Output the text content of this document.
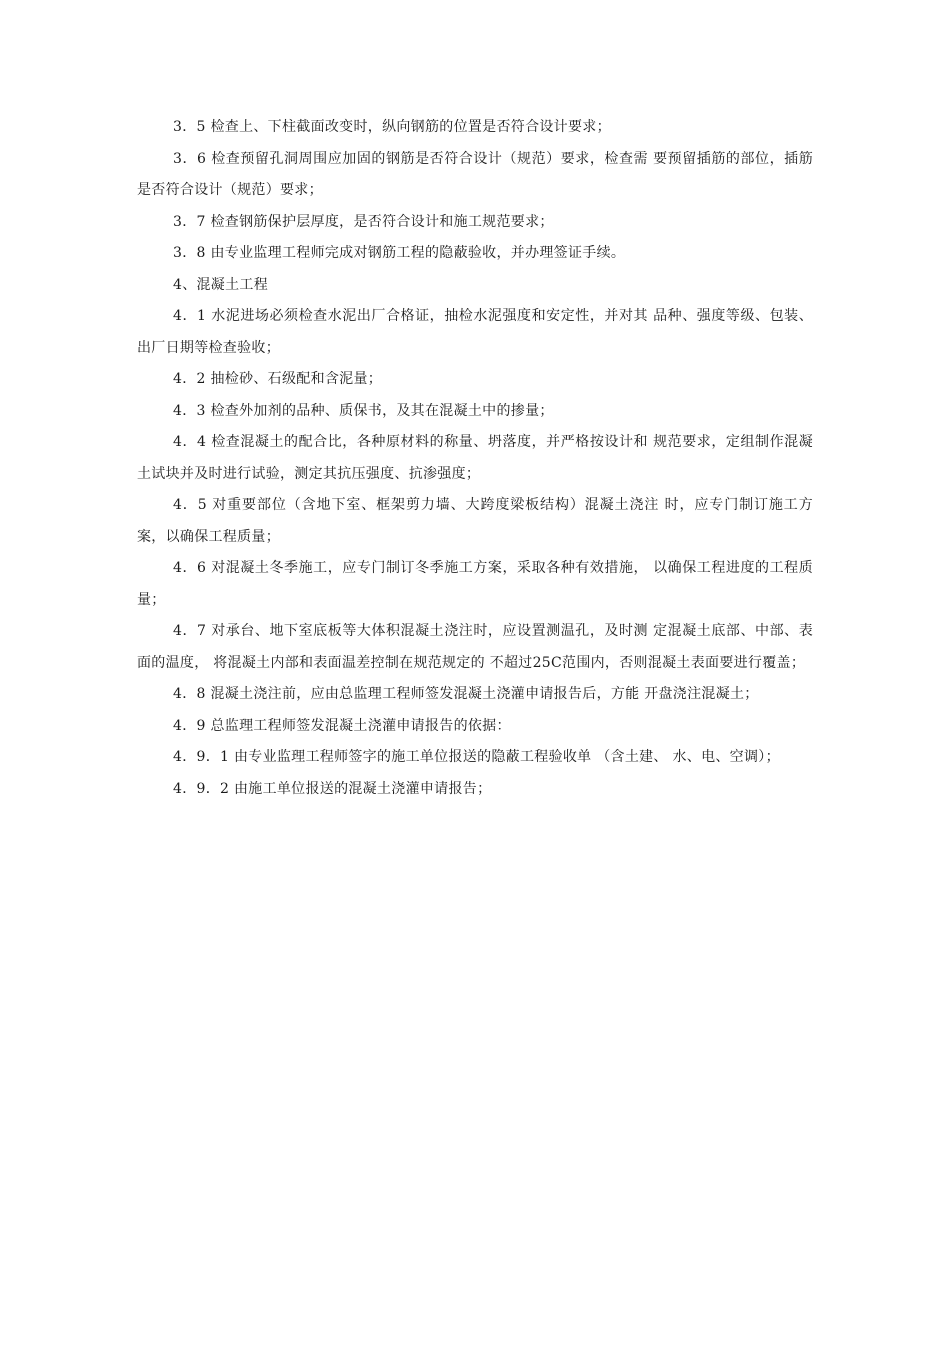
3．5 检查上、下柱截面改变时，纵向钢筋的位置是否符合设计要求；

3．6 检查预留孔洞周围应加固的钢筋是否符合设计（规范）要求，检查需 要预留插筋的部位，插筋是否符合设计（规范）要求；

3．7 检查钢筋保护层厚度，是否符合设计和施工规范要求；

3．8 由专业监理工程师完成对钢筋工程的隐蔽验收，并办理签证手续。

4、混凝土工程

4．1 水泥进场必须检查水泥出厂合格证，抽检水泥强度和安定性，并对其 品种、强度等级、包装、出厂日期等检查验收；

4．2 抽检砂、石级配和含泥量；

4．3 检查外加剂的品种、质保书，及其在混凝土中的掺量；

4．4 检查混凝土的配合比，各种原材料的称量、坍落度，并严格按设计和 规范要求，定组制作混凝土试块并及时进行试验，测定其抗压强度、抗渗强度；

4．5 对重要部位（含地下室、框架剪力墙、大跨度梁板结构）混凝土浇注 时，应专门制订施工方案，以确保工程质量；

4．6 对混凝土冬季施工，应专门制订冬季施工方案，采取各种有效措施， 以确保工程进度的工程质量；

4．7 对承台、地下室底板等大体积混凝土浇注时，应设置测温孔，及时测 定混凝土底部、中部、表面的温度， 将混凝土内部和表面温差控制在规范规定的 不超过25C范围内，否则混凝土表面要进行覆盖；

4．8 混凝土浇注前，应由总监理工程师签发混凝土浇灌申请报告后，方能 开盘浇注混凝土；

4．9 总监理工程师签发混凝土浇灌申请报告的依据：

4．9．1 由专业监理工程师签字的施工单位报送的隐蔽工程验收单 （含土建、 水、电、空调）；

4．9．2 由施工单位报送的混凝土浇灌申请报告；
